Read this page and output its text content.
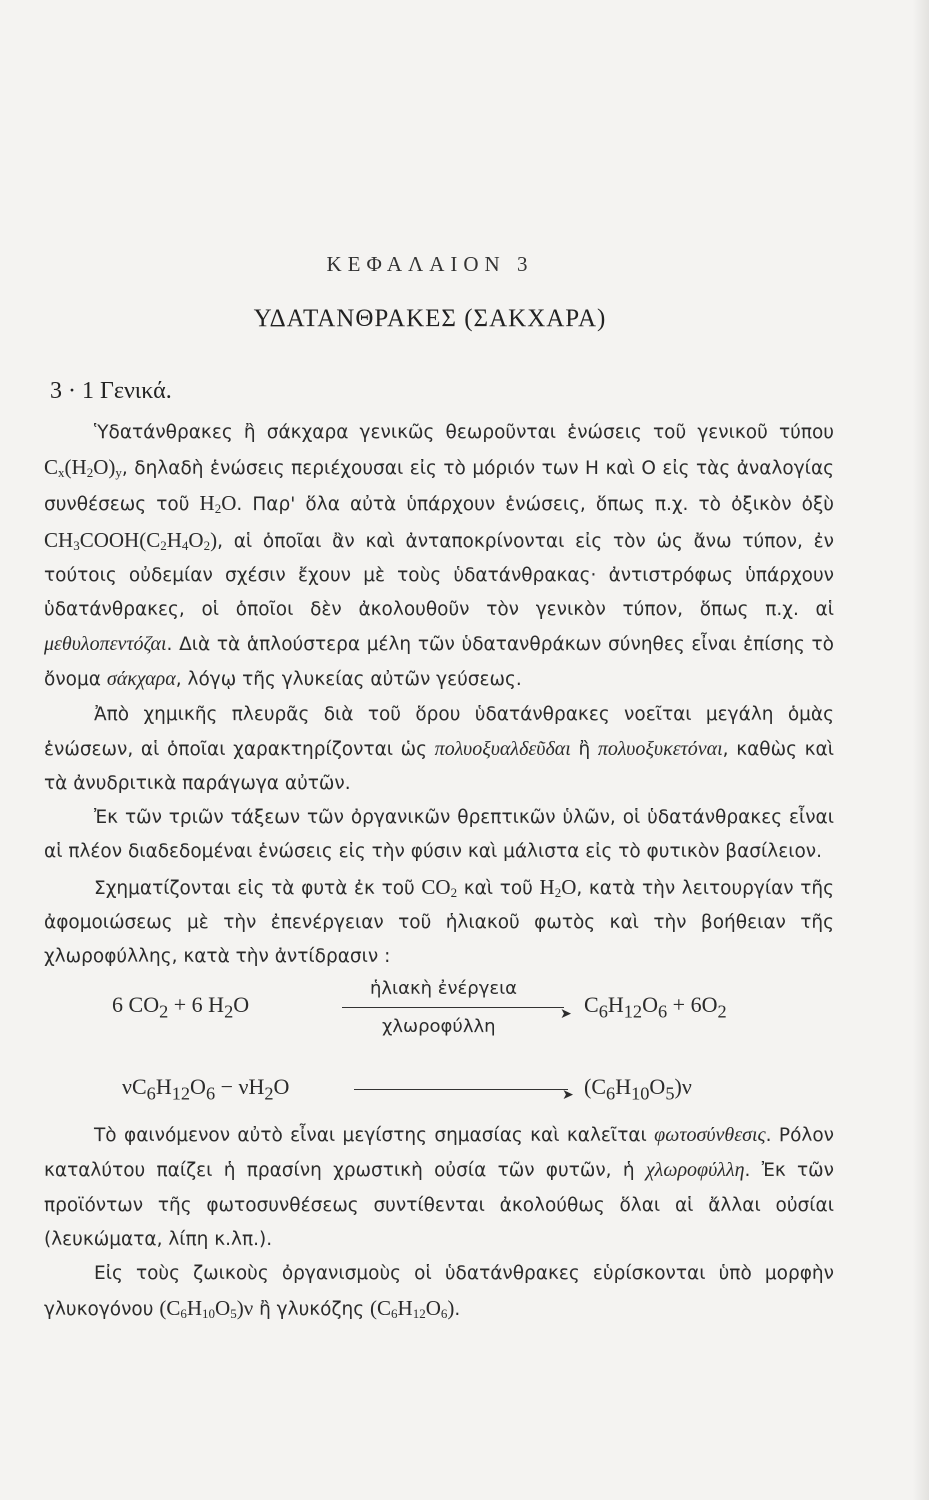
ΚΕΦΑΛΑΙΟΝ 3
ΥΔΑΤΑΝΘΡΑΚΕΣ (ΣΑΚΧΑΡΑ)
3 · 1 Γενικά.

Ὑδατάνθρακες ἢ σάκχαρα γενικῶς θεωροῦνται ἑνώσεις τοῦ γενικοῦ τύπου $C_x(H_2O)_y$, δηλαδὴ ἑνώσεις περιέχουσαι εἰς τὸ μόριόν των H καὶ O εἰς τὰς ἀναλογίας συνθέσεως τοῦ $H_2O$. Παρ' ὅλα αὐτὰ ὑπάρχουν ἑνώσεις, ὅπως π.χ. τὸ ὀξικὸν ὀξὺ $CH_3COOH(C_2H_4O_2)$, αἱ ὁποῖαι ἂν καὶ ἀνταποκρίνονται εἰς τὸν ὡς ἄνω τύπον, ἐν τούτοις οὐδεμίαν σχέσιν ἔχουν μὲ τοὺς ὑδατάνθρακας· ἀντιστρόφως ὑπάρχουν ὑδατάνθρακες, οἱ ὁποῖοι δὲν ἀκολουθοῦν τὸν γενικὸν τύπον, ὅπως π.χ. αἱ μεθυλοπεντόζαι. Διὰ τὰ ἁπλούστερα μέλη τῶν ὑδατανθράκων σύνηθες εἶναι ἐπίσης τὸ ὄνομα σάκχαρα, λόγῳ τῆς γλυκείας αὐτῶν γεύσεως.

Ἀπὸ χημικῆς πλευρᾶς διὰ τοῦ ὅρου ὑδατάνθρακες νοεῖται μεγάλη ὁμὰς ἑνώσεων, αἱ ὁποῖαι χαρακτηρίζονται ὡς πολυοξυαλδεῦδαι ἢ πολυοξυκετόναι, καθὼς καὶ τὰ ἀνυδριτικὰ παράγωγα αὐτῶν.

Ἐκ τῶν τριῶν τάξεων τῶν ὀργανικῶν θρεπτικῶν ὑλῶν, οἱ ὑδατάνθρακες εἶναι αἱ πλέον διαδεδομέναι ἑνώσεις εἰς τὴν φύσιν καὶ μάλιστα εἰς τὸ φυτικὸν βασίλειον.

Σχηματίζονται εἰς τὰ φυτὰ ἐκ τοῦ $CO_2$ καὶ τοῦ $H_2O$, κατὰ τὴν λειτουργίαν τῆς ἀφομοιώσεως μὲ τὴν ἐπενέργειαν τοῦ ἡλιακοῦ φωτὸς καὶ τὴν βοήθειαν τῆς χλωροφύλλης, κατὰ τὴν ἀντίδρασιν :

6 $CO_2 + 6$ $H_2O$
ἡλιακὴ ἐνέργεια
➤
χλωροφύλλη
$C_6H_{12}O_6 + 6O_2$
$\nu C_6H_{12}O_6 - \nu H_2O$	➤ $(C_6H_{10}O_5)\nu$

Τὸ φαινόμενον αὐτὸ εἶναι μεγίστης σημασίας καὶ καλεῖται φωτοσύνθεσις. Ρόλον καταλύτου παίζει ἡ πρασίνη χρωστικὴ οὐσία τῶν φυτῶν, ἡ χλωροφύλλη. Ἐκ τῶν προϊόντων τῆς φωτοσυνθέσεως συντίθενται ἀκολούθως ὅλαι αἱ ἄλλαι οὐσίαι (λευκώματα, λίπη κ.λπ.).

Εἰς τοὺς ζωικοὺς ὀργανισμοὺς οἱ ὑδατάνθρακες εὑρίσκονται ὑπὸ μορφὴν γλυκογόνου $(C_6H_{10}O_5)\nu$ ἢ γλυκόζης $(C_6H_{12}O_6)$.
